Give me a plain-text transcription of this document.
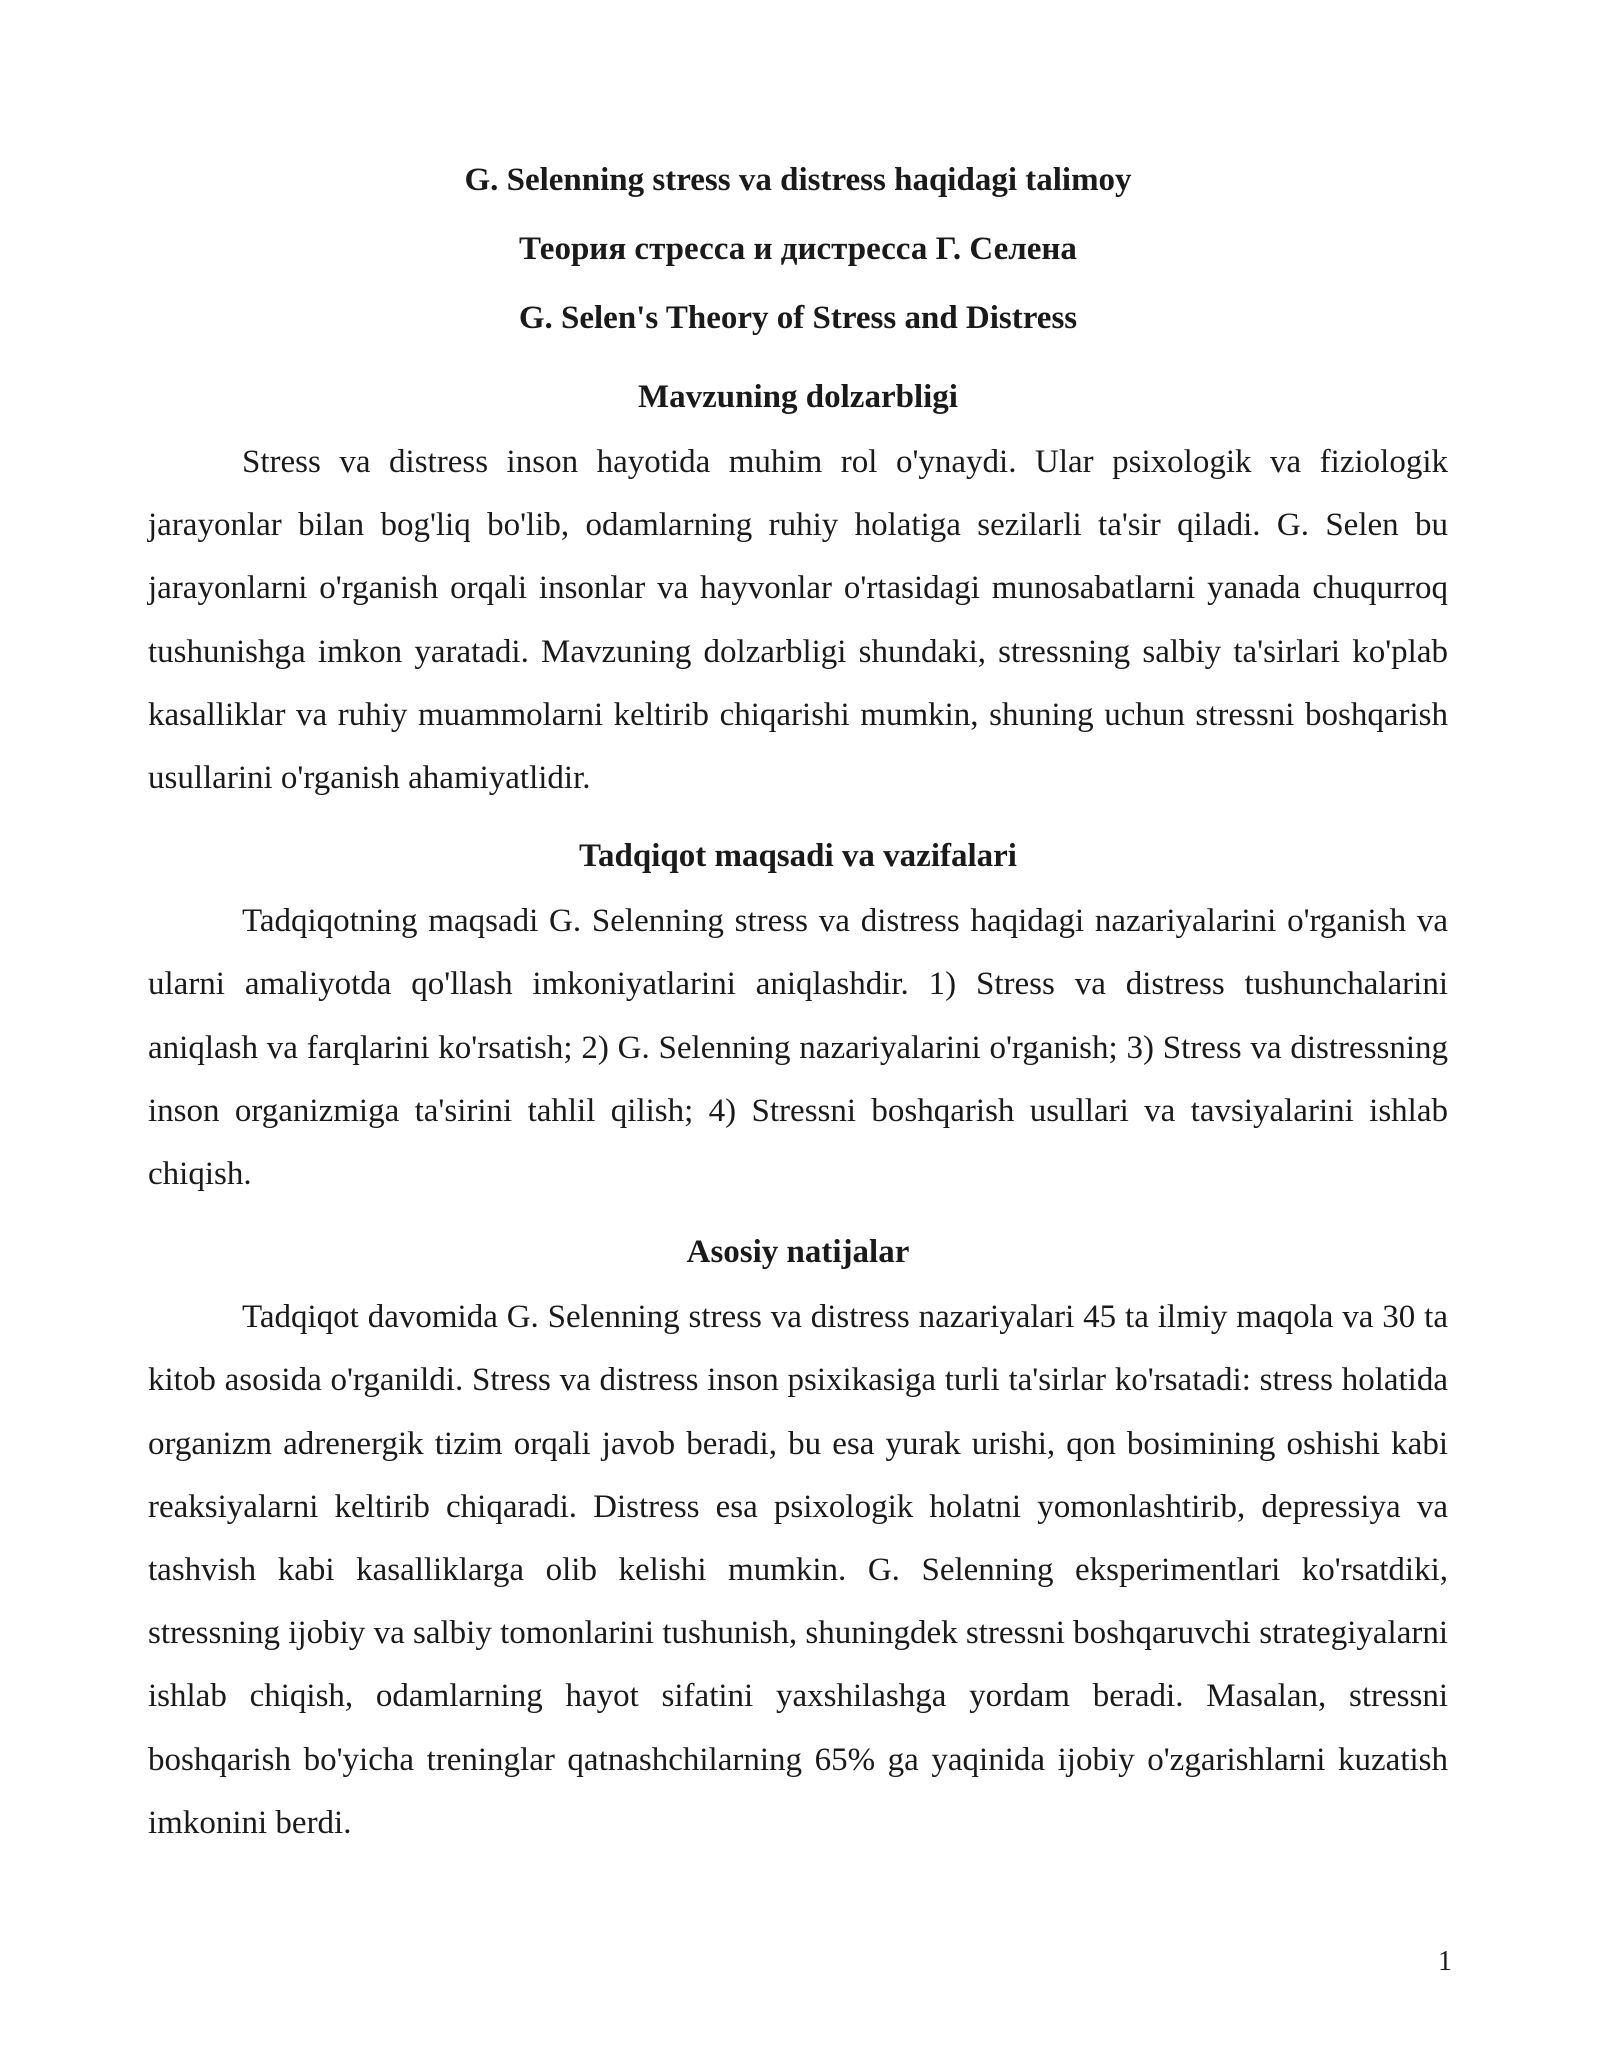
G. Selenning stress va distress haqidagi talimoy
Теория стресса и дистресса Г. Селена
G. Selen's Theory of Stress and Distress
Mavzuning dolzarbligi

Stress va distress inson hayotida muhim rol o'ynaydi. Ular psixologik va fiziologik jarayonlar bilan bog'liq bo'lib, odamlarning ruhiy holatiga sezilarli ta'sir qiladi. G. Selen bu jarayonlarni o'rganish orqali insonlar va hayvonlar o'rtasidagi munosabatlarni yanada chuqurroq tushunishga imkon yaratadi. Mavzuning dolzarbligi shundaki, stressning salbiy ta'sirlari ko'plab kasalliklar va ruhiy muammolarni keltirib chiqarishi mumkin, shuning uchun stressni boshqarish usullarini o'rganish ahamiyatlidir.

Tadqiqot maqsadi va vazifalari

Tadqiqotning maqsadi G. Selenning stress va distress haqidagi nazariyalarini o'rganish va ularni amaliyotda qo'llash imkoniyatlarini aniqlashdir. 1) Stress va distress tushunchalarini aniqlash va farqlarini ko'rsatish; 2) G. Selenning nazariyalarini o'rganish; 3) Stress va distressning inson organizmiga ta'sirini tahlil qilish; 4) Stressni boshqarish usullari va tavsiyalarini ishlab chiqish.

Asosiy natijalar

Tadqiqot davomida G. Selenning stress va distress nazariyalari 45 ta ilmiy maqola va 30 ta kitob asosida o'rganildi. Stress va distress inson psixikasiga turli ta'sirlar ko'rsatadi: stress holatida organizm adrenergik tizim orqali javob beradi, bu esa yurak urishi, qon bosimining oshishi kabi reaksiyalarni keltirib chiqaradi. Distress esa psixologik holatni yomonlashtirib, depressiya va tashvish kabi kasalliklarga olib kelishi mumkin. G. Selenning eksperimentlari ko'rsatdiki, stressning ijobiy va salbiy tomonlarini tushunish, shuningdek stressni boshqaruvchi strategiyalarni ishlab chiqish, odamlarning hayot sifatini yaxshilashga yordam beradi. Masalan, stressni boshqarish bo'yicha treninglar qatnashchilarning 65% ga yaqinida ijobiy o'zgarishlarni kuzatish imkonini berdi.

1
